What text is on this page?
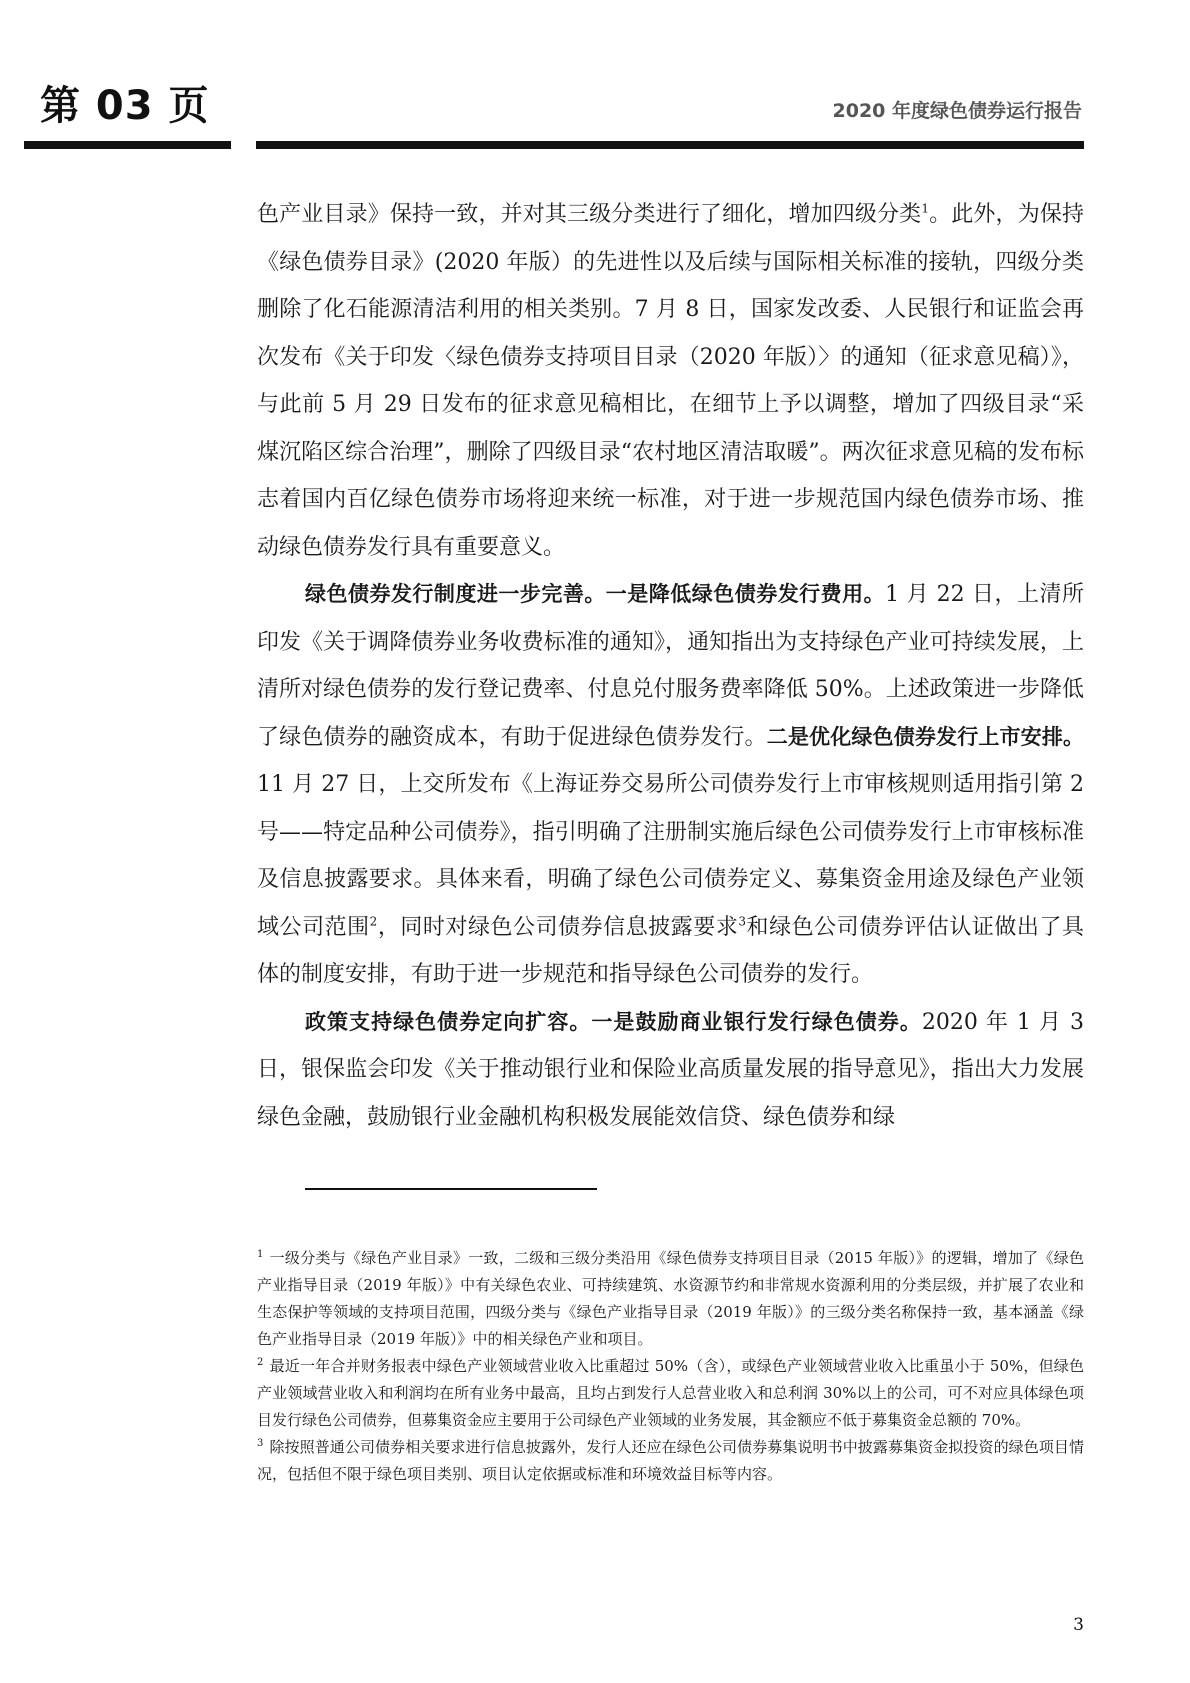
第 03 页	2020 年度绿色债券运行报告

色产业目录》保持一致，并对其三级分类进行了细化，增加四级分类$^1$。此外，为保持《绿色债券目录》(2020 年版）的先进性以及后续与国际相关标准的接轨，四级分类删除了化石能源清洁利用的相关类别。7 月 8 日，国家发改委、人民银行和证监会再次发布《关于印发〈绿色债券支持项目目录（2020 年版）〉的通知（征求意见稿）》，与此前 5 月 29 日发布的征求意见稿相比，在细节上予以调整，增加了四级目录“采煤沉陷区综合治理”，删除了四级目录“农村地区清洁取暖”。两次征求意见稿的发布标志着国内百亿绿色债券市场将迎来统一标准，对于进一步规范国内绿色债券市场、推动绿色债券发行具有重要意义。

绿色债券发行制度进一步完善。一是降低绿色债券发行费用。1 月 22 日，上清所印发《关于调降债券业务收费标准的通知》，通知指出为支持绿色产业可持续发展，上清所对绿色债券的发行登记费率、付息兑付服务费率降低 50%。上述政策进一步降低了绿色债券的融资成本，有助于促进绿色债券发行。二是优化绿色债券发行上市安排。11 月 27 日，上交所发布《上海证券交易所公司债券发行上市审核规则适用指引第 2 号——特定品种公司债券》，指引明确了注册制实施后绿色公司债券发行上市审核标准及信息披露要求。具体来看，明确了绿色公司债券定义、募集资金用途及绿色产业领域公司范围$^2$，同时对绿色公司债券信息披露要求$^3$和绿色公司债券评估认证做出了具体的制度安排，有助于进一步规范和指导绿色公司债券的发行。

政策支持绿色债券定向扩容。一是鼓励商业银行发行绿色债券。2020 年 1 月 3 日，银保监会印发《关于推动银行业和保险业高质量发展的指导意见》，指出大力发展绿色金融，鼓励银行业金融机构积极发展能效信贷、绿色债券和绿

$^1$ 一级分类与《绿色产业目录》一致，二级和三级分类沿用《绿色债券支持项目目录（2015 年版）》的逻辑，增加了《绿色产业指导目录（2019 年版）》中有关绿色农业、可持续建筑、水资源节约和非常规水资源利用的分类层级，并扩展了农业和生态保护等领域的支持项目范围，四级分类与《绿色产业指导目录（2019 年版）》的三级分类名称保持一致，基本涵盖《绿色产业指导目录（2019 年版）》中的相关绿色产业和项目。

$^2$ 最近一年合并财务报表中绿色产业领域营业收入比重超过 50%（含），或绿色产业领域营业收入比重虽小于 50%，但绿色产业领域营业收入和利润均在所有业务中最高，且均占到发行人总营业收入和总利润 30%以上的公司，可不对应具体绿色项目发行绿色公司债券，但募集资金应主要用于公司绿色产业领域的业务发展，其金额应不低于募集资金总额的 70%。

$^3$ 除按照普通公司债券相关要求进行信息披露外，发行人还应在绿色公司债券募集说明书中披露募集资金拟投资的绿色项目情况，包括但不限于绿色项目类别、项目认定依据或标准和环境效益目标等内容。

3
